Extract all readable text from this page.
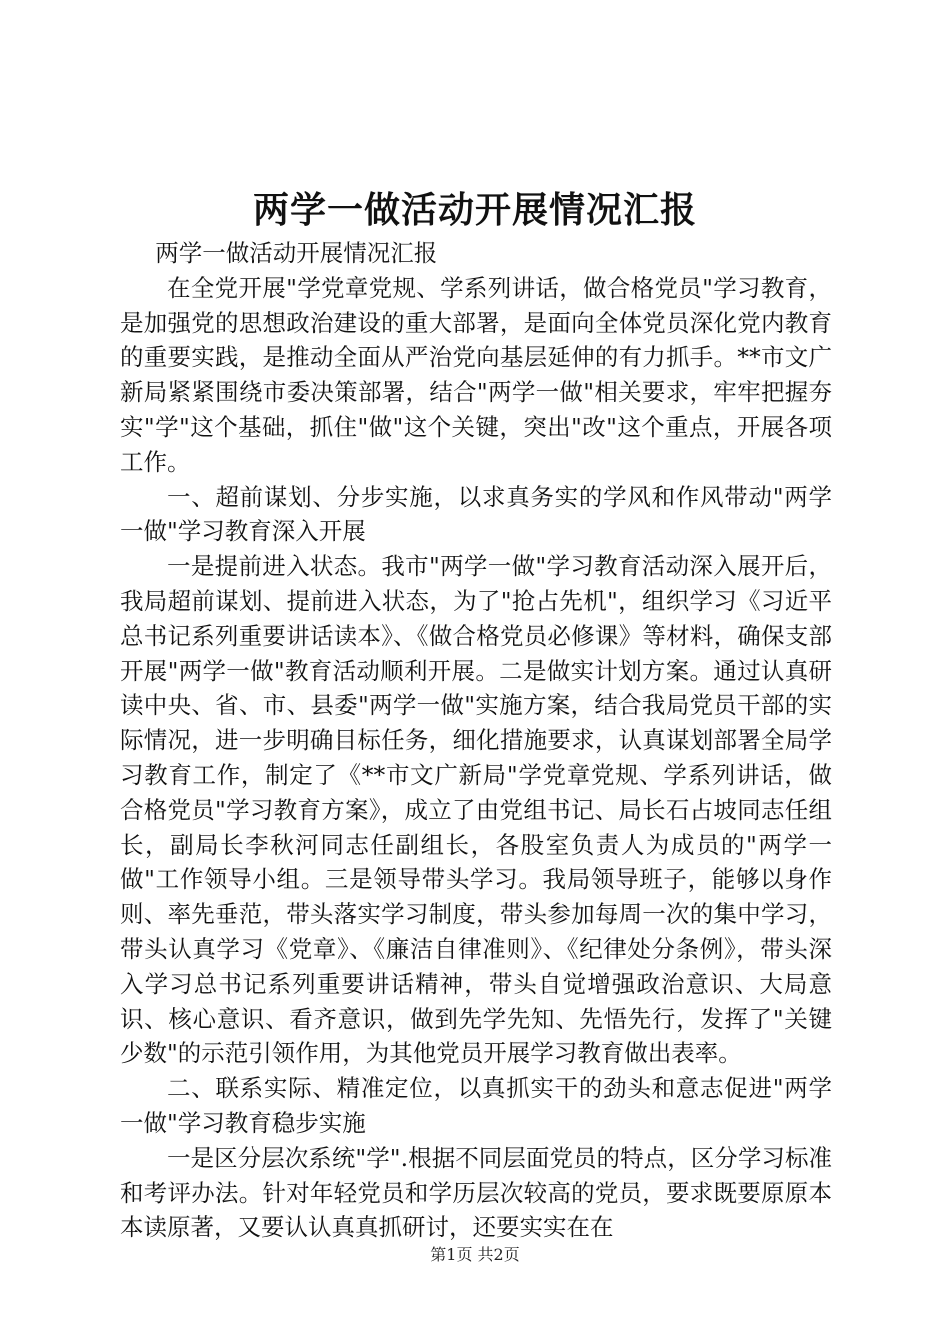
两学一做活动开展情况汇报

两学一做活动开展情况汇报

在全党开展"学党章党规、学系列讲话，做合格党员"学习教育，是加强党的思想政治建设的重大部署，是面向全体党员深化党内教育的重要实践，是推动全面从严治党向基层延伸的有力抓手。**市文广新局紧紧围绕市委决策部署，结合"两学一做"相关要求，牢牢把握夯实"学"这个基础，抓住"做"这个关键，突出"改"这个重点，开展各项工作。

一、超前谋划、分步实施，以求真务实的学风和作风带动"两学一做"学习教育深入开展

一是提前进入状态。我市"两学一做"学习教育活动深入展开后，我局超前谋划、提前进入状态，为了"抢占先机"，组织学习《习近平总书记系列重要讲话读本》、《做合格党员必修课》等材料，确保支部开展"两学一做"教育活动顺利开展。二是做实计划方案。通过认真研读中央、省、市、县委"两学一做"实施方案，结合我局党员干部的实际情况，进一步明确目标任务，细化措施要求，认真谋划部署全局学习教育工作，制定了《**市文广新局"学党章党规、学系列讲话，做合格党员"学习教育方案》，成立了由党组书记、局长石占坡同志任组长，副局长李秋河同志任副组长，各股室负责人为成员的"两学一做"工作领导小组。三是领导带头学习。我局领导班子，能够以身作则、率先垂范，带头落实学习制度，带头参加每周一次的集中学习，带头认真学习《党章》、《廉洁自律准则》、《纪律处分条例》，带头深入学习总书记系列重要讲话精神，带头自觉增强政治意识、大局意识、核心意识、看齐意识，做到先学先知、先悟先行，发挥了"关键少数"的示范引领作用，为其他党员开展学习教育做出表率。

二、联系实际、精准定位，以真抓实干的劲头和意志促进"两学一做"学习教育稳步实施

一是区分层次系统"学".根据不同层面党员的特点，区分学习标准和考评办法。针对年轻党员和学历层次较高的党员，要求既要原原本本读原著，又要认认真真抓研讨，还要实实在在

第1页 共2页
